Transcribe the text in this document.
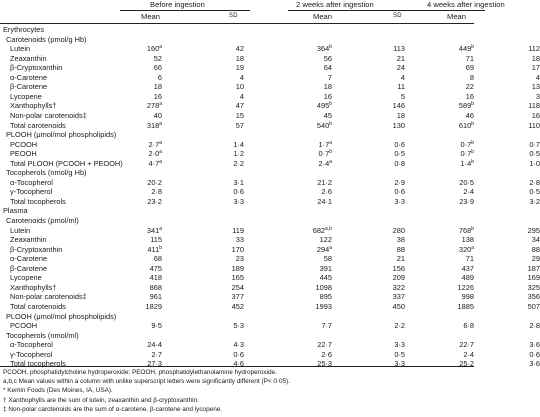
Before ingestion	2 weeks after ingestion	4 weeks after ingestion
Mean	SD	Mean	SD	Mean
Erythrocytes
Carotenoids (pmol/g Hb)
Lutein	160$^a$	42	364$^b$	113	449$^b$	112
Zeaxanthin	52	18	56	21	71	18
β-Cryptoxanthin	66	19	64	24	69	17
α-Carotene	6	4	7	4	8	4
β-Carotene	18	10	18	11	22	13
Lycopene	16	4	16	5	16	3
Xanthophylls†	278$^a$	47	495$^b$	146	589$^b$	118
Non-polar carotenoids‡	40	15	45	18	46	16
Total carotenoids	318$^a$	57	540$^b$	130	610$^b$	110
PLOOH (μmol/mol phospholipids)
PCOOH	$2\cdot 7^a$	1·4	$1\cdot 7^a$	0·6	$0\cdot 7^b$	0·7
PEOOH	$2\cdot 0^a$	1·2	$0\cdot 7^b$	0·5	$0\cdot 7^b$	0·5
Total PLOOH (PCOOH + PEOOH)	$4\cdot 7^a$	2·2	$2\cdot 4^a$	0·8	$1\cdot 4^b$	1·0
Tocopherols (nmol/g Hb)
α-Tocopherol	20·2	3·1	21·2	2·9	20·5	2·8
γ-Tocopherol	2·8	0·6	2·6	0·6	2·4	0·5
Total tocopherols	23·2	3·3	24·1	3·3	23·9	3·2
Plasma
Carotenoids (pmol/ml)
Lutein	341$^a$	119	682$^{a,b}$	280	768$^b$	295
Zeaxanthin	115	33	122	38	138	34
β-Cryptoxanthin	411$^b$	170	294$^a$	88	320$^a$	88
α-Carotene	68	23	58	21	71	29
β-Carotene	475	189	391	156	437	187
Lycopene	418	165	445	209	489	169
Xanthophylls†	868	254	1098	322	1226	325
Non-polar carotenoids‡	961	377	895	337	998	356
Total carotenoids	1829	452	1993	450	1885	507
PLOOH (μmol/mol phospholipids)
PCOOH	9·5	5·3	7·7	2·2	6·8	2·8
Tocopherols (nmol/ml)
α-Tocopherol	24·4	4·3	22·7	3·3	22·7	3·6
γ-Tocopherol	2·7	0·6	2·6	0·5	2·4	0·6
Total tocopherols	27·3	4·6	25·3	3·3	25·2	3·6
PCOOH, phosphatidylcholine hydroperoxide; PEOOH, phosphatidylethanolamine hydroperoxide.
a,b,c Mean values within a column with unlike superscript letters were significantly different (P< 0·05).
* Kemin Foods (Des Moines, IA, USA).
† Xanthophylls are the sum of lutein, zeaxanthin and β-cryptoxanthin.
‡ Non-polar carotenoids are the sum of α-carotene, β-carotene and lycopene.
